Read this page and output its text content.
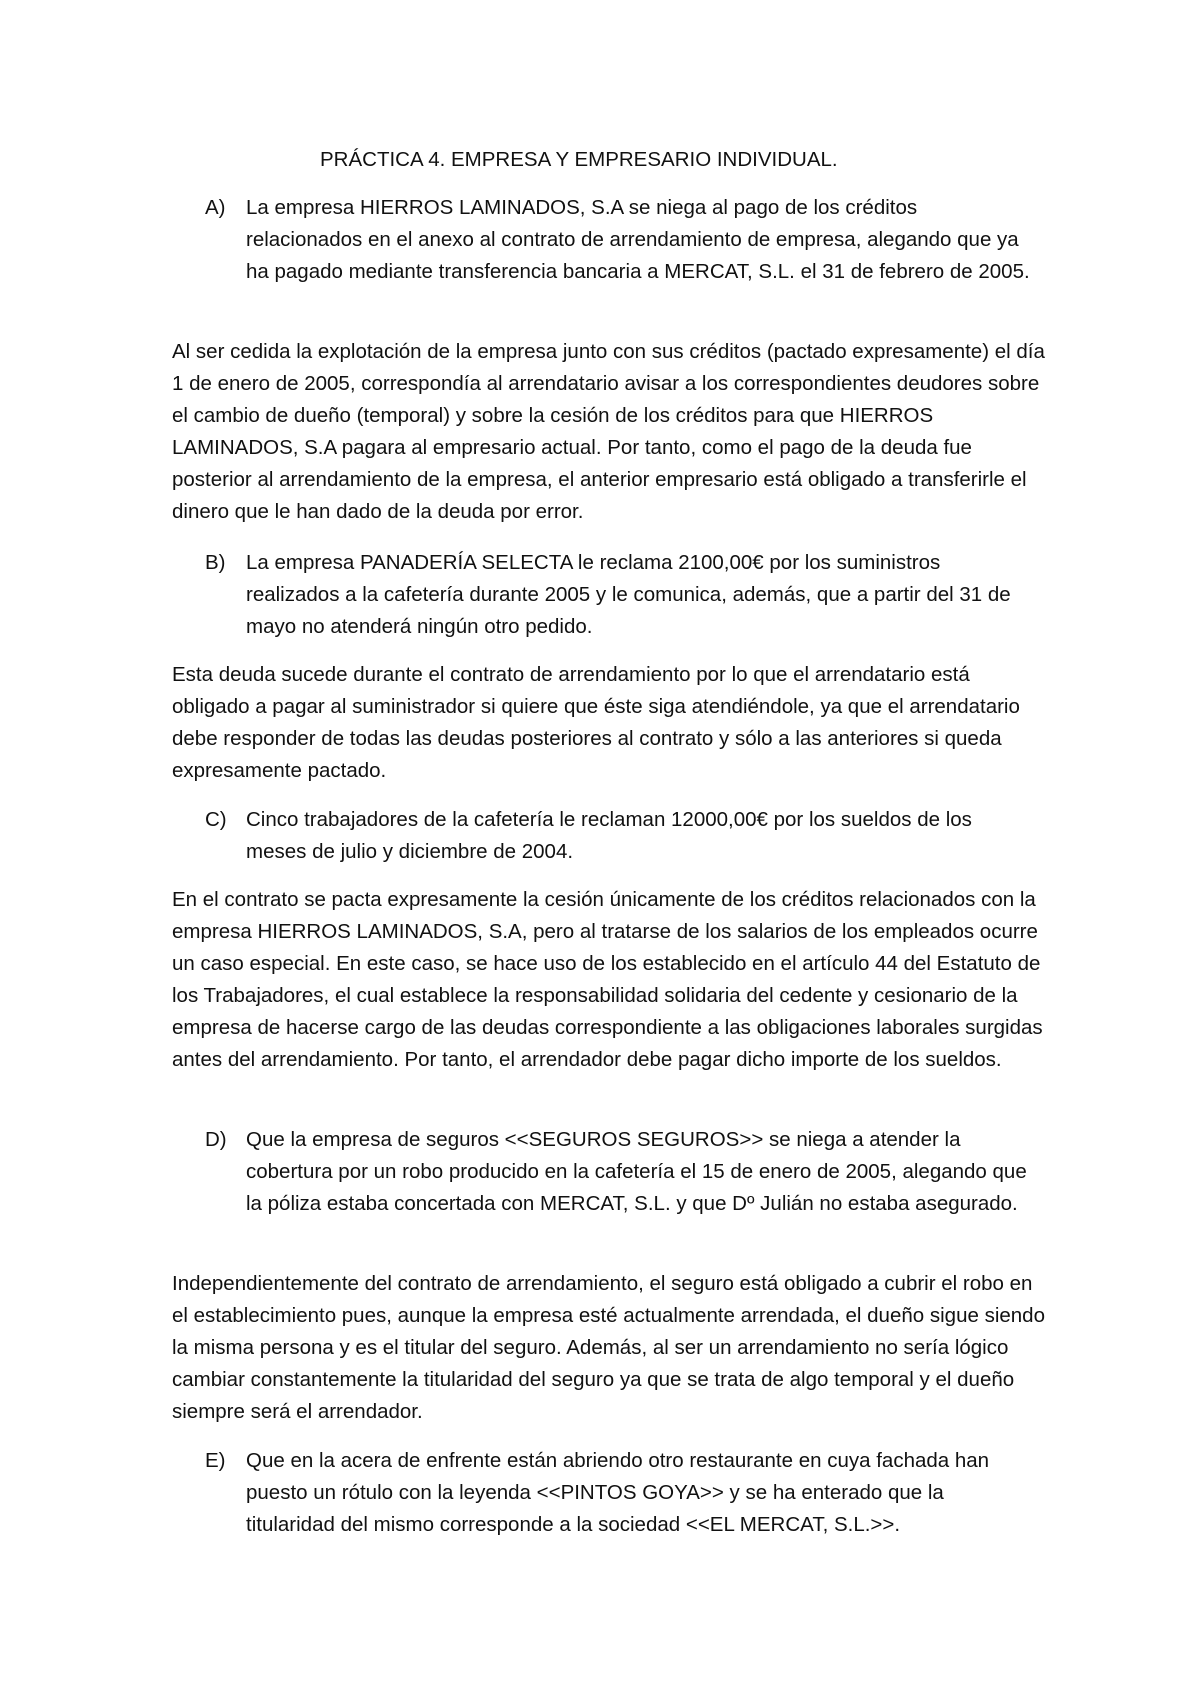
PRÁCTICA 4. EMPRESA Y EMPRESARIO INDIVIDUAL.
A)	La empresa HIERROS LAMINADOS, S.A se niega al pago de los créditos relacionados en el anexo al contrato de arrendamiento de empresa, alegando que ya ha pagado mediante transferencia bancaria a MERCAT, S.L. el 31 de febrero de 2005.

Al ser cedida la explotación de la empresa junto con sus créditos (pactado expresamente) el día 1 de enero de 2005, correspondía al arrendatario avisar a los correspondientes deudores sobre el cambio de dueño (temporal) y sobre la cesión de los créditos para que HIERROS LAMINADOS, S.A pagara al empresario actual. Por tanto, como el pago de la deuda fue posterior al arrendamiento de la empresa, el anterior empresario está obligado a transferirle el dinero que le han dado de la deuda por error.

B)	La empresa PANADERÍA SELECTA le reclama 2100,00€ por los suministros realizados a la cafetería durante 2005 y le comunica, además, que a partir del 31 de mayo no atenderá ningún otro pedido.

Esta deuda sucede durante el contrato de arrendamiento por lo que el arrendatario está obligado a pagar al suministrador si quiere que éste siga atendiéndole, ya que el arrendatario debe responder de todas las deudas posteriores al contrato y sólo a las anteriores si queda expresamente pactado.

C) Cinco trabajadores de la cafetería le reclaman 12000,00€ por los sueldos de los meses de julio y diciembre de 2004.

En el contrato se pacta expresamente la cesión únicamente de los créditos relacionados con la empresa HIERROS LAMINADOS, S.A, pero al tratarse de los salarios de los empleados ocurre un caso especial. En este caso, se hace uso de los establecido en el artículo 44 del Estatuto de los Trabajadores, el cual establece la responsabilidad solidaria del cedente y cesionario de la empresa de hacerse cargo de las deudas correspondiente a las obligaciones laborales surgidas antes del arrendamiento. Por tanto, el arrendador debe pagar dicho importe de los sueldos.

D) Que la empresa de seguros <<SEGUROS SEGUROS>> se niega a atender la cobertura por un robo producido en la cafetería el 15 de enero de 2005, alegando que la póliza estaba concertada con MERCAT, S.L. y que Dº Julián no estaba asegurado.

Independientemente del contrato de arrendamiento, el seguro está obligado a cubrir el robo en el establecimiento pues, aunque la empresa esté actualmente arrendada, el dueño sigue siendo la misma persona y es el titular del seguro. Además, al ser un arrendamiento no sería lógico cambiar constantemente la titularidad del seguro ya que se trata de algo temporal y el dueño siempre será el arrendador.

E)	Que en la acera de enfrente están abriendo otro restaurante en cuya fachada han puesto un rótulo con la leyenda <<PINTOS GOYA>> y se ha enterado que la titularidad del mismo corresponde a la sociedad <<EL MERCAT, S.L.>>.
